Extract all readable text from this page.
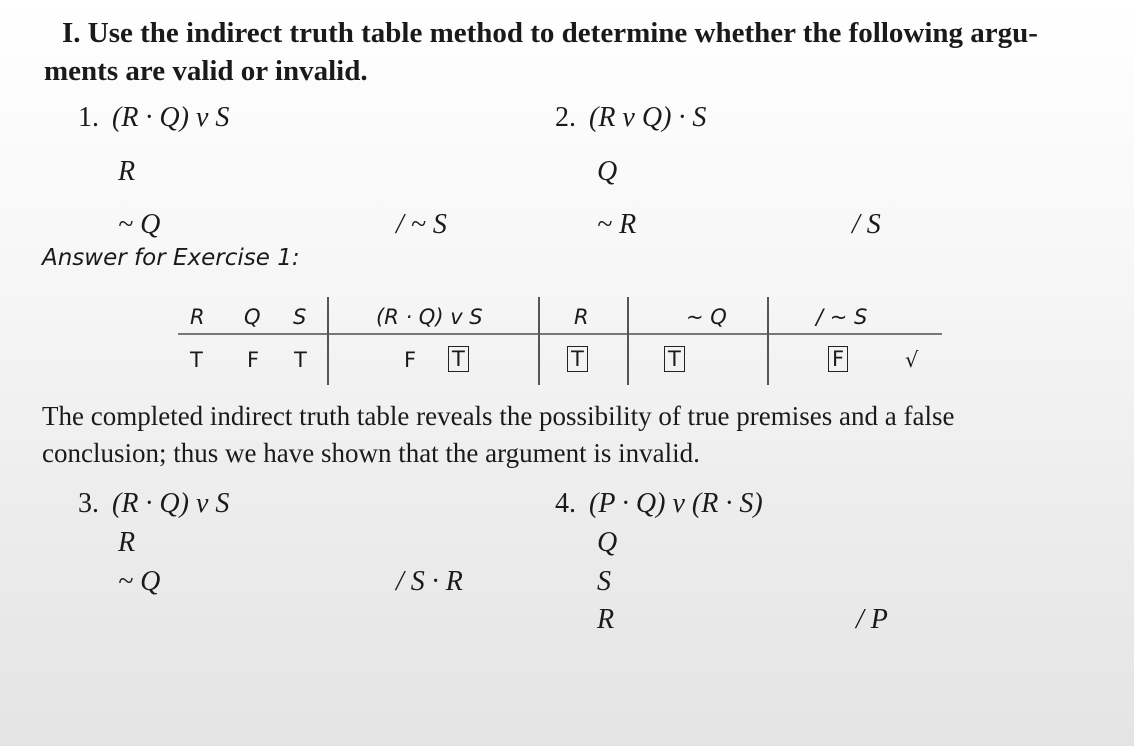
I. Use the indirect truth table method to determine whether the following argu-
ments are valid or invalid.
1. (R · Q) v S
R
~ Q	/ ~ S
2. (R v Q) · S
Q
~ R	/ S
Answer for Exercise 1:
R Q S	(R · Q) v S	R	~ Q	/ ~ S
T F T	F T	T	T	F	√
The completed indirect truth table reveals the possibility of true premises and a false
conclusion; thus we have shown that the argument is invalid.
3. (R · Q) v S
R
~ Q	/ S · R
4. (P · Q) v (R · S)
Q
S
R	/ P
